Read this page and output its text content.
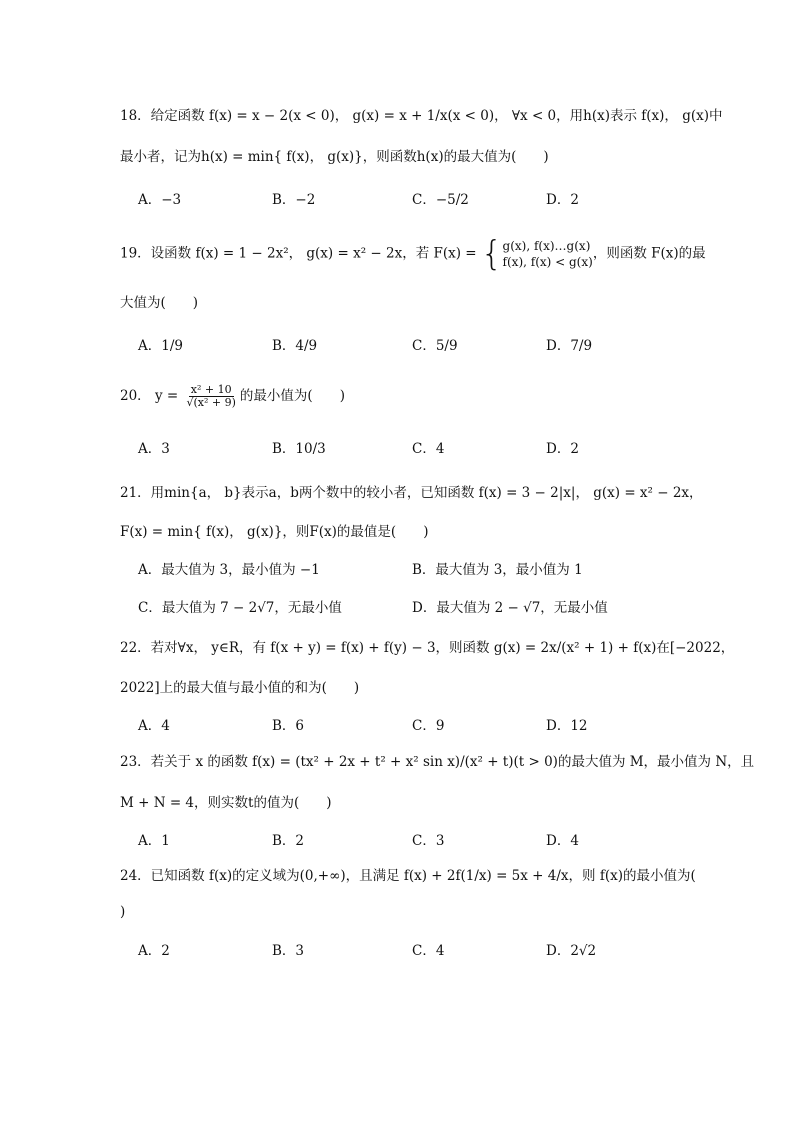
18．给定函数 f(x) = x − 2(x < 0)， g(x) = x + 1/x(x < 0)， ∀x < 0，用h(x)表示 f(x)， g(x)中
最小者，记为h(x) = min{ f(x)， g(x)}，则函数h(x)的最大值为(　　)
A．−3	B．−2	C．−5/2	D．2
19．设函数 f(x) = 1 − 2x²， g(x) = x² − 2x，若 F(x) = { g(x), f(x)…g(x)
f(x), f(x) < g(x)
，则函数 F(x)的最
大值为(　　)
A．1/9	B．4/9	C．5/9	D．7/9
20． $y = \frac{\text{x² + 10}}{\text{√(x² + 9)}}$ 的最小值为(　　)
A．3	B．10/3	C．4	D．2
21．用min{a， b}表示a，b两个数中的较小者，已知函数 f(x) = 3 − 2|x|， g(x) = x² − 2x，
F(x) = min{ f(x)， g(x)}，则F(x)的最值是(　　)
A．最大值为 3，最小值为 −1	B．最大值为 3，最小值为 1
C．最大值为 7 − 2√7，无最小值	D．最大值为 2 − √7，无最小值
22．若对∀x， y∈R，有 f(x + y) = f(x) + f(y) − 3，则函数 g(x) = 2x/(x² + 1) + f(x)在[−2022，
2022]上的最大值与最小值的和为(　　)
A．4	B．6	C．9	D．12
23．若关于 x 的函数 f(x) = (tx² + 2x + t² + x² sin x)/(x² + t)(t > 0)的最大值为 M，最小值为 N，且
M + N = 4，则实数t的值为(　　)
A．1	B．2	C．3	D．4
24．已知函数 f(x)的定义域为(0,+∞)，且满足 f(x) + 2f(1/x) = 5x + 4/x，则 f(x)的最小值为(
)
A．2	B．3	C．4	D．2√2
